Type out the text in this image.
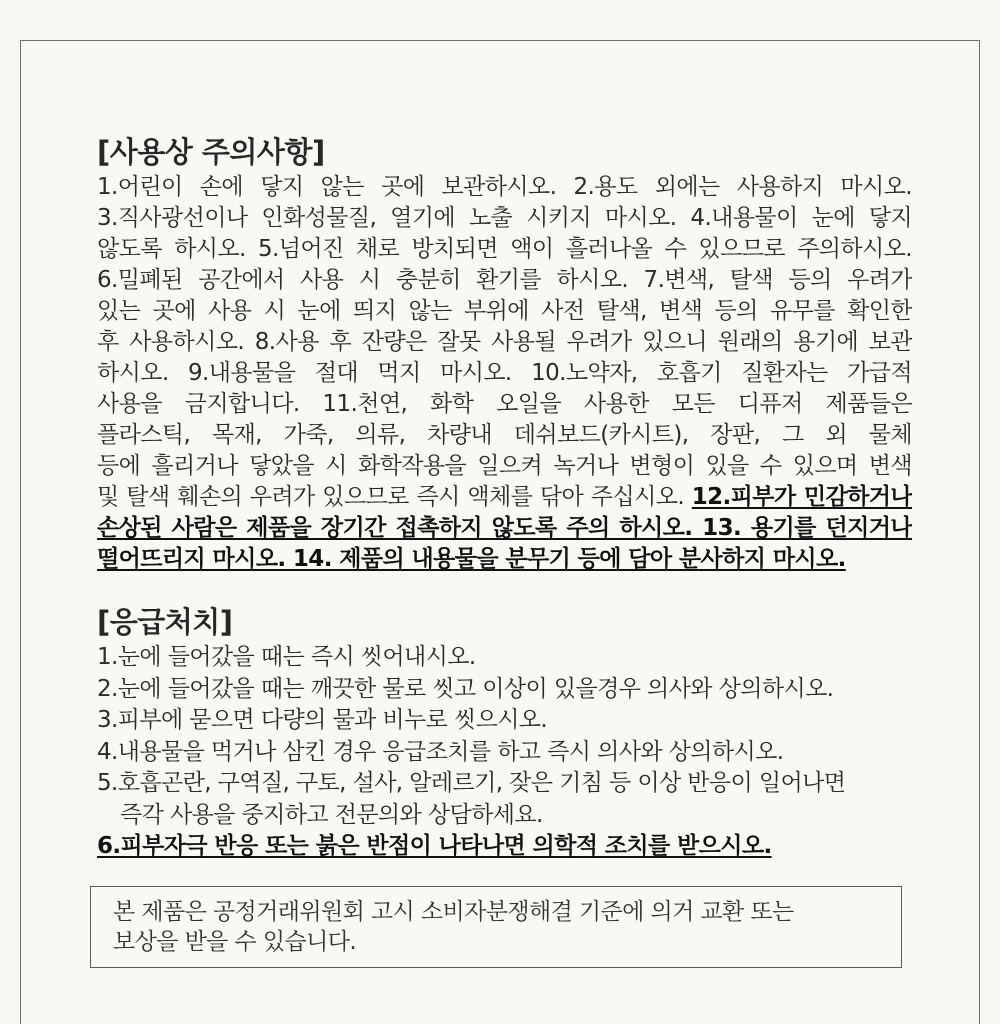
[사용상 주의사항]
1.어린이 손에 닿지 않는 곳에 보관하시오. 2.용도 외에는 사용하지 마시오.
3.직사광선이나 인화성물질, 열기에 노출 시키지 마시오. 4.내용물이 눈에 닿지
않도록 하시오. 5.넘어진 채로 방치되면 액이 흘러나올 수 있으므로 주의하시오.
6.밀폐된 공간에서 사용 시 충분히 환기를 하시오. 7.변색, 탈색 등의 우려가
있는 곳에 사용 시 눈에 띄지 않는 부위에 사전 탈색, 변색 등의 유무를 확인한
후 사용하시오. 8.사용 후 잔량은 잘못 사용될 우려가 있으니 원래의 용기에 보관
하시오. 9.내용물을 절대 먹지 마시오. 10.노약자, 호흡기 질환자는 가급적
사용을 금지합니다. 11.천연, 화학 오일을 사용한 모든 디퓨저 제품들은
플라스틱, 목재, 가죽, 의류, 차량내 데쉬보드(카시트), 장판, 그 외 물체
등에 흘리거나 닿았을 시 화학작용을 일으켜 녹거나 변형이 있을 수 있으며 변색
및 탈색 훼손의 우려가 있으므로 즉시 액체를 닦아 주십시오. 12.피부가 민감하거나
손상된 사람은 제품을 장기간 접촉하지 않도록 주의 하시오. 13. 용기를 던지거나
떨어뜨리지 마시오. 14. 제품의 내용물을 분무기 등에 담아 분사하지 마시오.
[응급처치]
1.눈에 들어갔을 때는 즉시 씻어내시오.
2.눈에 들어갔을 때는 깨끗한 물로 씻고 이상이 있을경우 의사와 상의하시오.
3.피부에 묻으면 다량의 물과 비누로 씻으시오.
4.내용물을 먹거나 삼킨 경우 응급조치를 하고 즉시 의사와 상의하시오.
5.호흡곤란, 구역질, 구토, 설사, 알레르기, 잦은 기침 등 이상 반응이 일어나면
즉각 사용을 중지하고 전문의와 상담하세요.
6.피부자극 반응 또는 붉은 반점이 나타나면 의학적 조치를 받으시오.
본 제품은 공정거래위원회 고시 소비자분쟁해결 기준에 의거 교환 또는
보상을 받을 수 있습니다.
